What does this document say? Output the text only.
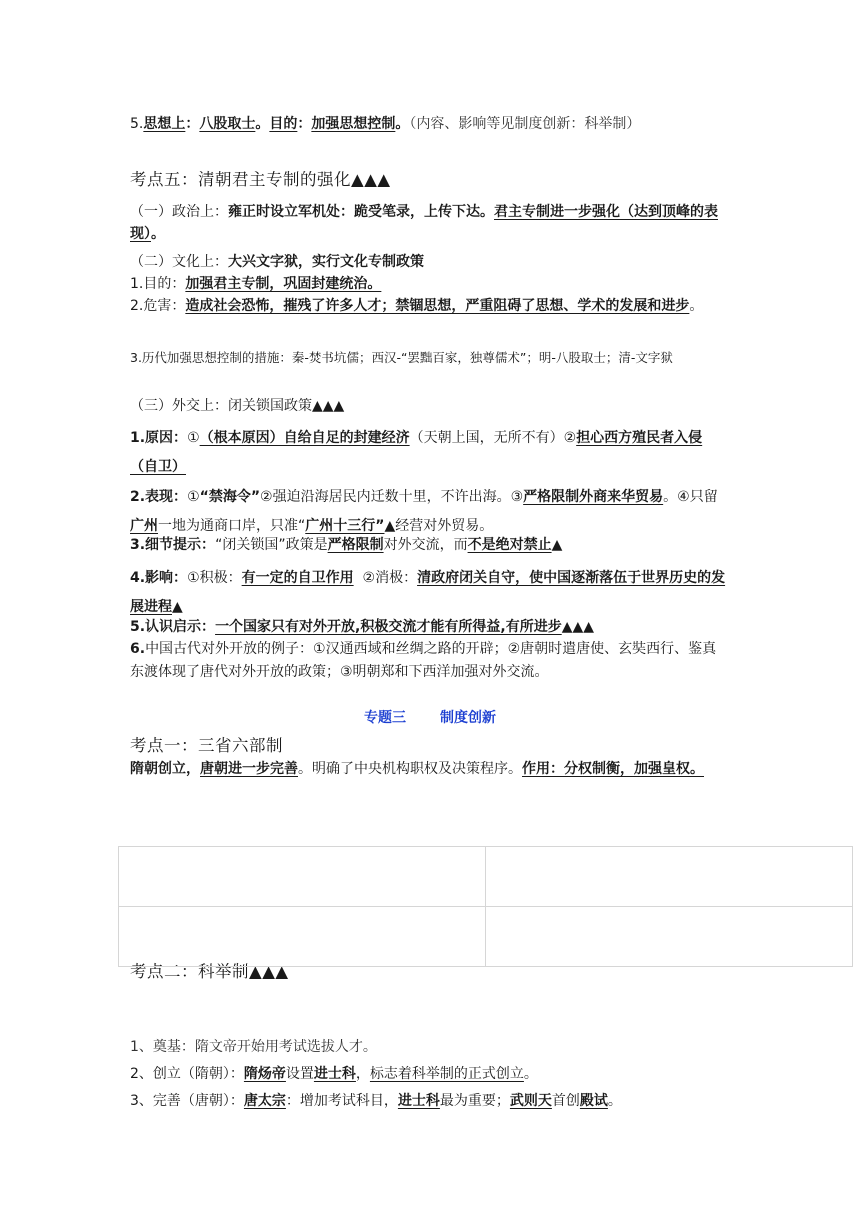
5.思想上：八股取士。目的：加强思想控制。（内容、影响等见制度创新：科举制）
考点五：清朝君主专制的强化▲▲▲
（一）政治上：雍正时设立军机处：跪受笔录，上传下达。君主专制进一步强化（达到顶峰的表现）。
（二）文化上：大兴文字狱，实行文化专制政策
1.目的：加强君主专制，巩固封建统治。
2.危害：造成社会恐怖，摧残了许多人才；禁锢思想，严重阻碍了思想、学术的发展和进步。
3.历代加强思想控制的措施：秦-焚书坑儒；西汉-“罢黜百家，独尊儒术”；明-八股取士；清-文字狱
（三）外交上：闭关锁国政策▲▲▲
1.原因：①（根本原因）自给自足的封建经济（天朝上国，无所不有）②担心西方殖民者入侵（自卫）
2.表现：①“禁海令”②强迫沿海居民内迁数十里，不许出海。③严格限制外商来华贸易。④只留广州一地为通商口岸，只准“广州十三行”▲经营对外贸易。
3.细节提示：“闭关锁国”政策是严格限制对外交流，而不是绝对禁止▲
4.影响：①积极：有一定的自卫作用  ②消极：清政府闭关自守，使中国逐渐落伍于世界历史的发展进程▲
5.认识启示：一个国家只有对外开放,积极交流才能有所得益,有所进步▲▲▲
6.中国古代对外开放的例子：①汉通西域和丝绸之路的开辟；②唐朝时遣唐使、玄奘西行、鉴真东渡体现了唐代对外开放的政策；③明朝郑和下西洋加强对外交流。
考点一：三省六部制
隋朝创立，唐朝进一步完善。明确了中央机构职权及决策程序。作用：分权制衡，加强皇权。
考点二：科举制▲▲▲
1、奠基：隋文帝开始用考试选拔人才。
2、创立（隋朝）：隋炀帝设置进士科，标志着科举制的正式创立。
3、完善（唐朝）：唐太宗：增加考试科目，进士科最为重要；武则天首创殿试。
专题三 制度创新
